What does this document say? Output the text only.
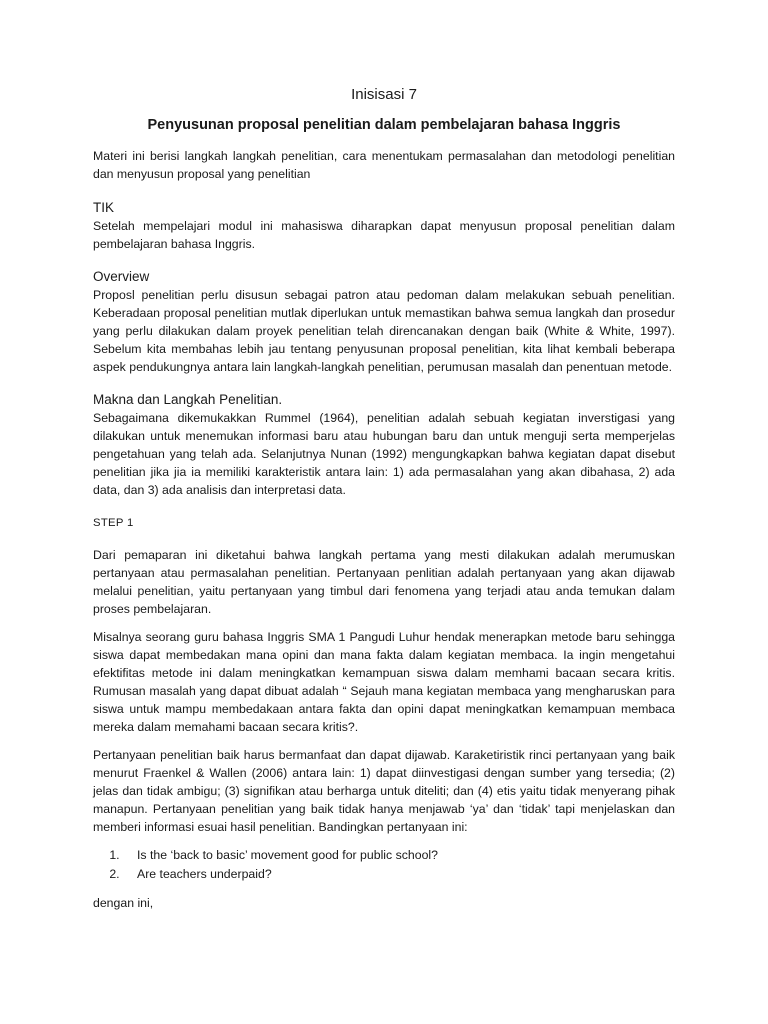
Inisisasi 7
Penyusunan proposal penelitian dalam pembelajaran bahasa Inggris

Materi ini berisi langkah langkah penelitian, cara menentukam permasalahan dan metodologi penelitian dan menyusun proposal yang penelitian

TIK

Setelah mempelajari modul ini mahasiswa diharapkan dapat menyusun proposal penelitian dalam pembelajaran bahasa Inggris.

Overview

Proposl penelitian perlu disusun sebagai patron atau pedoman dalam melakukan sebuah penelitian. Keberadaan proposal penelitian mutlak diperlukan untuk memastikan bahwa semua langkah dan prosedur yang perlu dilakukan dalam proyek penelitian telah direncanakan dengan baik (White & White, 1997). Sebelum kita membahas lebih jau tentang penyusunan proposal penelitian, kita lihat kembali beberapa aspek pendukungnya antara lain langkah-langkah penelitian, perumusan masalah dan penentuan metode.

Makna dan Langkah Penelitian.

Sebagaimana dikemukakkan Rummel (1964), penelitian adalah sebuah kegiatan inverstigasi yang dilakukan untuk menemukan informasi baru atau hubungan baru dan untuk menguji serta memperjelas pengetahuan yang telah ada. Selanjutnya Nunan (1992) mengungkapkan bahwa kegiatan dapat disebut penelitian jika jia ia memiliki karakteristik antara lain: 1) ada permasalahan yang akan dibahasa, 2) ada data, dan 3) ada analisis dan interpretasi data.

STEP 1

Dari pemaparan ini diketahui bahwa langkah pertama yang mesti dilakukan adalah merumuskan pertanyaan atau permasalahan penelitian. Pertanyaan penlitian adalah pertanyaan yang akan dijawab melalui penelitian, yaitu pertanyaan yang timbul dari fenomena yang terjadi atau anda temukan dalam proses pembelajaran.

Misalnya seorang guru bahasa Inggris SMA 1 Pangudi Luhur hendak menerapkan metode baru sehingga siswa dapat membedakan mana opini dan mana fakta dalam kegiatan membaca. Ia ingin mengetahui efektifitas metode ini dalam meningkatkan kemampuan siswa dalam memhami bacaan secara kritis. Rumusan masalah yang dapat dibuat adalah “ Sejauh mana kegiatan membaca yang mengharuskan para siswa untuk mampu membedakaan antara fakta dan opini dapat meningkatkan kemampuan membaca mereka dalam memahami bacaan secara kritis?.

Pertanyaan penelitian baik harus bermanfaat dan dapat dijawab. Karaketiristik rinci pertanyaan yang baik menurut Fraenkel & Wallen (2006) antara lain: 1) dapat diinvestigasi dengan sumber yang tersedia; (2) jelas dan tidak ambigu; (3) signifikan atau berharga untuk diteliti; dan (4) etis yaitu tidak menyerang pihak manapun. Pertanyaan penelitian yang baik tidak hanya menjawab ‘ya’ dan ‘tidak’ tapi menjelaskan dan memberi informasi esuai hasil penelitian. Bandingkan pertanyaan ini:

1. Is the ‘back to basic’ movement good for public school?
2. Are teachers underpaid?
dengan ini,
